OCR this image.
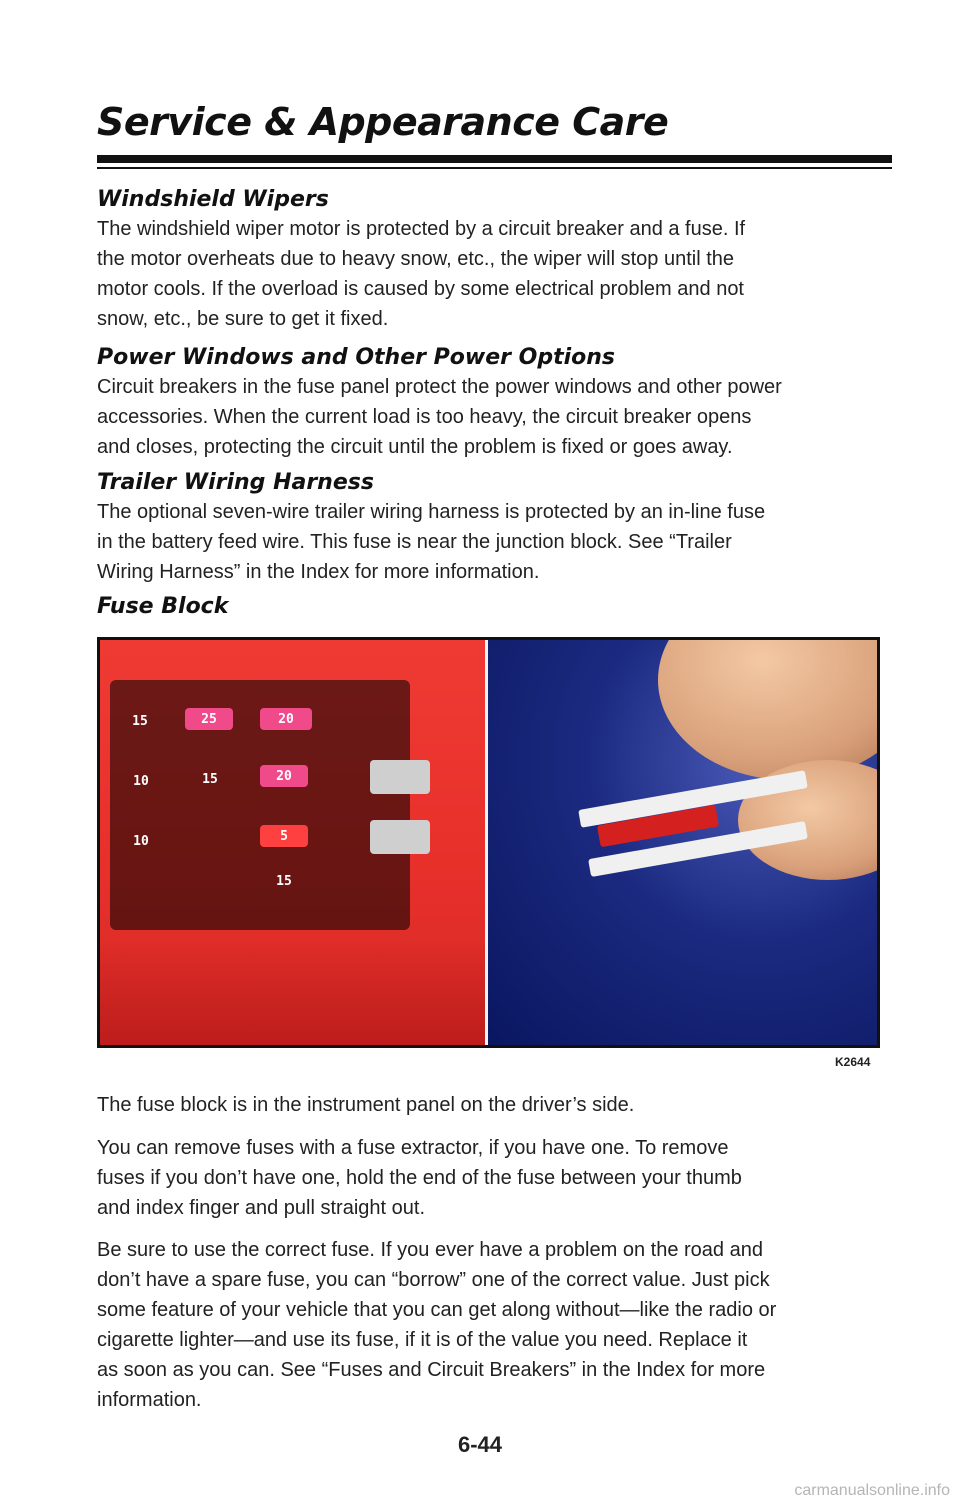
Service & Appearance Care
Windshield Wipers

The windshield wiper motor is protected by a circuit breaker and a fuse. If

the motor overheats due to heavy snow, etc., the wiper will stop until the

motor cools. If the overload is caused by some electrical problem and not

snow, etc., be sure to get it fixed.

Power Windows and Other Power Options

Circuit breakers in the fuse panel protect the power windows and other power

accessories. When the current load is too heavy, the circuit breaker opens

and closes, protecting the circuit until the problem is fixed or goes away.

Trailer Wiring Harness

The optional seven-wire trailer wiring harness is protected by an in-line fuse

in the battery feed wire. This fuse is near the junction block. See “Trailer

Wiring Harness” in the Index for more information.

Fuse Block
15	25	20
10	15	20
10	5
15
K2644

The fuse block is in the instrument panel on the driver’s side.

You can remove fuses with a fuse extractor, if you have one. To remove

fuses if you don’t have one, hold the end of the fuse between your thumb

and index finger and pull straight out.

Be sure to use the correct fuse. If you ever have a problem on the road and

don’t have a spare fuse, you can “borrow” one of the correct value. Just pick

some feature of your vehicle that you can get along without—like the radio or

cigarette lighter—and use its fuse, if it is of the value you need. Replace it

as soon as you can. See “Fuses and Circuit Breakers” in the Index for more

information.

6-44
carmanualsonline.info
